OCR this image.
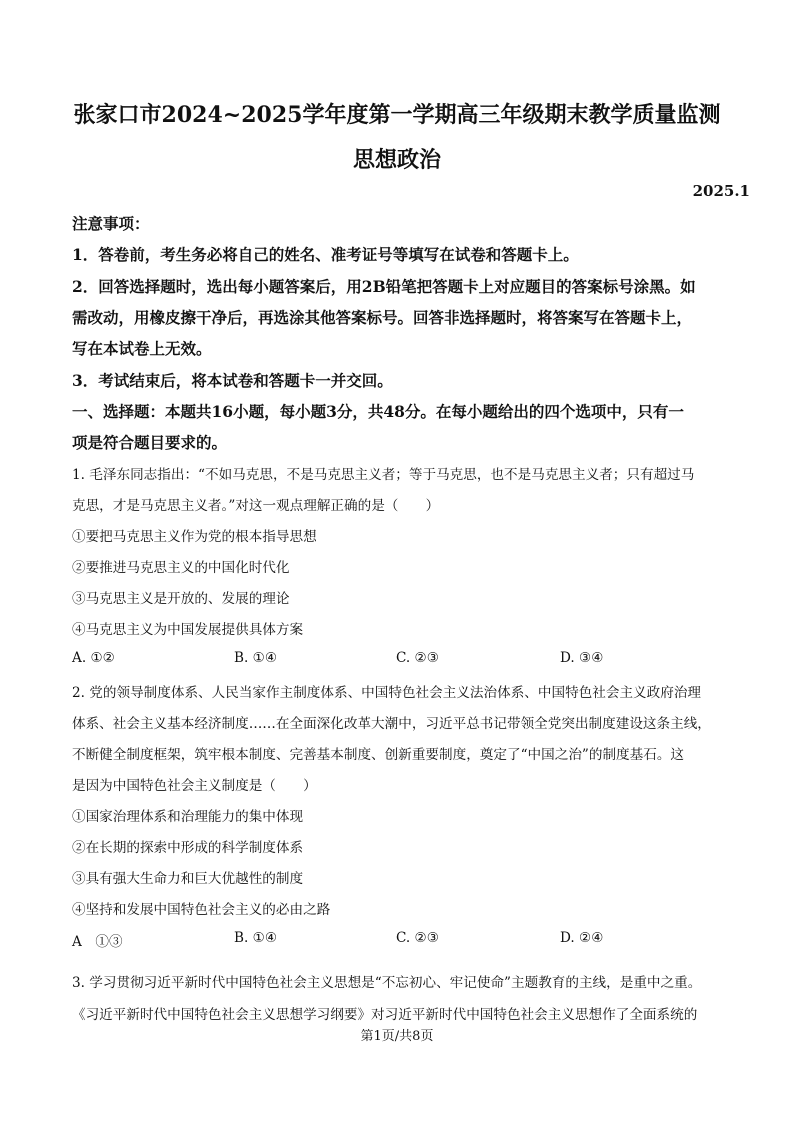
张家口市2024~2025学年度第一学期高三年级期末教学质量监测
思想政治
2025.1
注意事项：
1．答卷前，考生务必将自己的姓名、准考证号等填写在试卷和答题卡上。
2．回答选择题时，选出每小题答案后，用2B铅笔把答题卡上对应题目的答案标号涂黑。如
需改动，用橡皮擦干净后，再选涂其他答案标号。回答非选择题时，将答案写在答题卡上，
写在本试卷上无效。
3．考试结束后，将本试卷和答题卡一并交回。
一、选择题：本题共16小题，每小题3分，共48分。在每小题给出的四个选项中，只有一
项是符合题目要求的。
1. 毛泽东同志指出：“不如马克思，不是马克思主义者；等于马克思，也不是马克思主义者；只有超过马
克思，才是马克思主义者。”对这一观点理解正确的是（　　）
①要把马克思主义作为党的根本指导思想
②要推进马克思主义的中国化时代化
③马克思主义是开放的、发展的理论
④马克思主义为中国发展提供具体方案
A. ①②	B. ①④	C. ②③	D. ③④
2. 党的领导制度体系、人民当家作主制度体系、中国特色社会主义法治体系、中国特色社会主义政府治理
体系、社会主义基本经济制度……在全面深化改革大潮中，习近平总书记带领全党突出制度建设这条主线，
不断健全制度框架，筑牢根本制度、完善基本制度、创新重要制度，奠定了“中国之治”的制度基石。这
是因为中国特色社会主义制度是（　　）
①国家治理体系和治理能力的集中体现
②在长期的探索中形成的科学制度体系
③具有强大生命力和巨大优越性的制度
④坚持和发展中国特色社会主义的必由之路
A　①③	B. ①④	C. ②③	D. ②④
3. 学习贯彻习近平新时代中国特色社会主义思想是“不忘初心、牢记使命”主题教育的主线，是重中之重。
《习近平新时代中国特色社会主义思想学习纲要》对习近平新时代中国特色社会主义思想作了全面系统的
第1页/共8页
